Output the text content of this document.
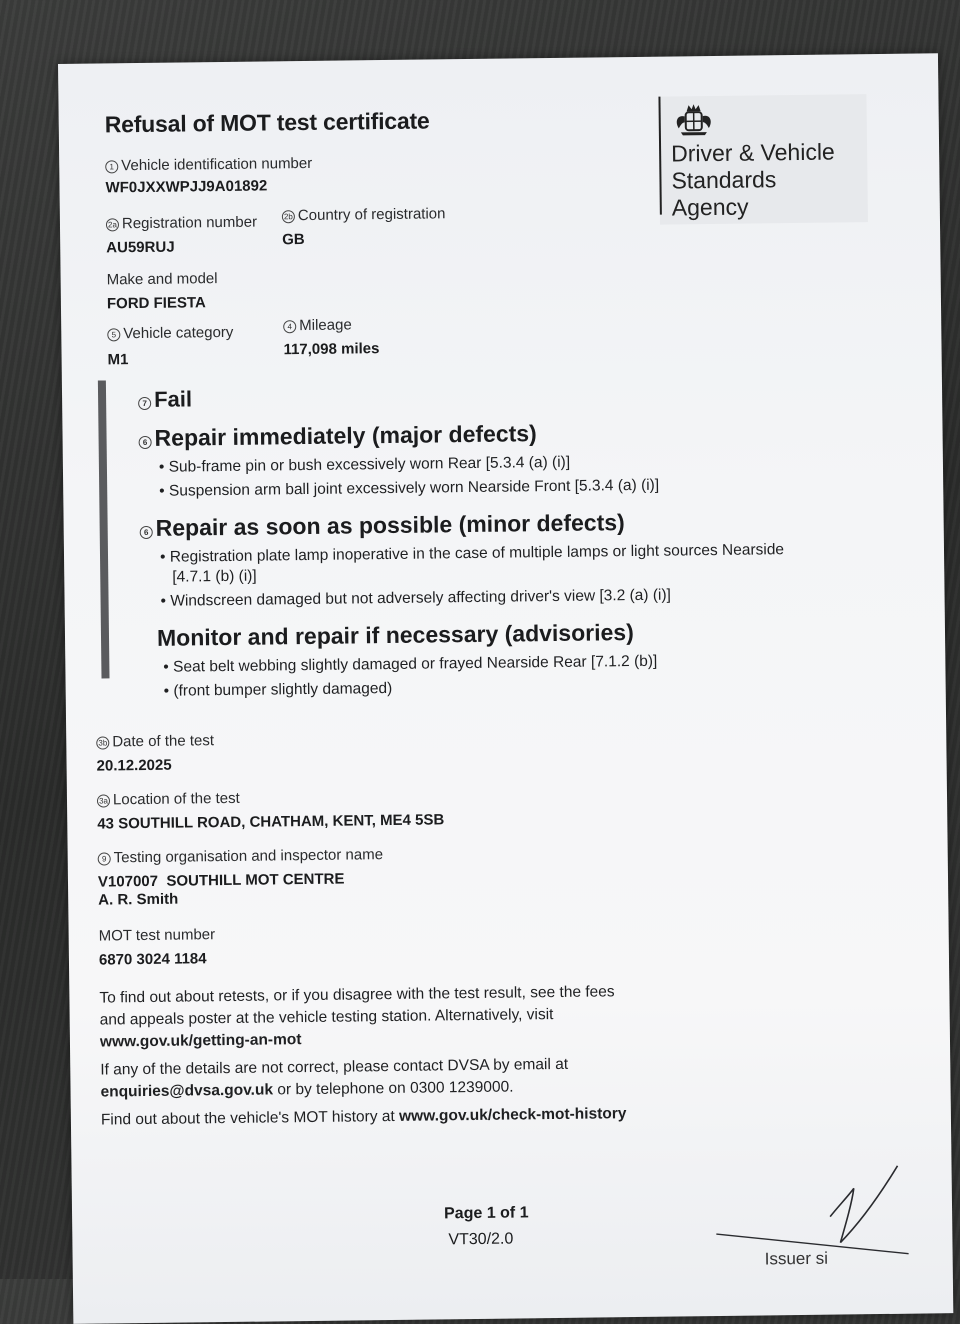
Refusal of MOT test certificate
Driver & Vehicle
Standards
Agency
1 Vehicle identification number
WF0JXXWPJJ9A01892
2a Registration number
AU59RUJ
2b Country of registration
GB
Make and model
FORD FIESTA
5 Vehicle category
M1
4 Mileage
117,098 miles
7 Fail
6 Repair immediately (major defects)
• Sub-frame pin or bush excessively worn Rear [5.3.4 (a) (i)]
• Suspension arm ball joint excessively worn Nearside Front [5.3.4 (a) (i)]
6 Repair as soon as possible (minor defects)
• Registration plate lamp inoperative in the case of multiple lamps or light sources Nearside
[4.7.1 (b) (i)]
• Windscreen damaged but not adversely affecting driver's view [3.2 (a) (i)]
Monitor and repair if necessary (advisories)
• Seat belt webbing slightly damaged or frayed Nearside Rear [7.1.2 (b)]
• (front bumper slightly damaged)
3b Date of the test
20.12.2025
3a Location of the test
43 SOUTHILL ROAD, CHATHAM, KENT, ME4 5SB
9 Testing organisation and inspector name
V107007 SOUTHILL MOT CENTRE
A. R. Smith
MOT test number
6870 3024 1184
To find out about retests, or if you disagree with the test result, see the fees
and appeals poster at the vehicle testing station. Alternatively, visit
www.gov.uk/getting-an-mot
If any of the details are not correct, please contact DVSA by email at
enquiries@dvsa.gov.uk or by telephone on 0300 1239000.
Find out about the vehicle's MOT history at www.gov.uk/check-mot-history
Page 1 of 1
VT30/2.0
Issuer si
